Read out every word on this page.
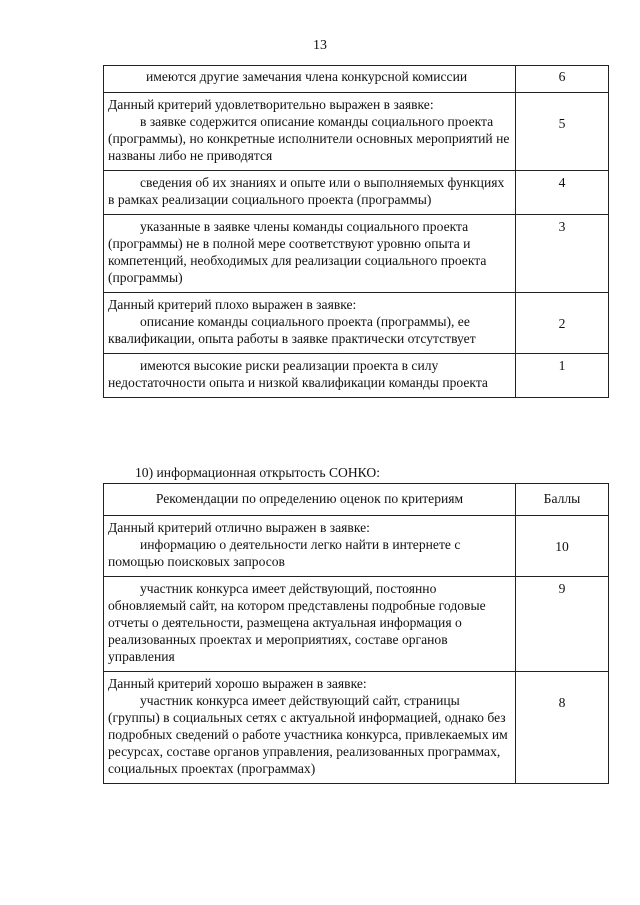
13
имеются другие замечания члена конкурсной комиссии	6

Данный критерий удовлетворительно выражен в заявке:
в заявке содержится описание команды социального проекта (программы), но конкретные исполнители основных мероприятий не названы либо не приводятся	5

сведения об их знаниях и опыте или о выполняемых функциях в рамках реализации социального проекта (программы)	4

указанные в заявке члены команды социального проекта (программы) не в полной мере соответствуют уровню опыта и компетенций, необходимых для реализации социального проекта (программы)	3

Данный критерий плохо выражен в заявке:
описание команды социального проекта (программы), ее квалификации, опыта работы в заявке практически отсутствует	2

имеются высокие риски реализации проекта в силу недостаточности опыта и низкой квалификации команды проекта	1
10) информационная открытость СОНКО:
Рекомендации по определению оценок по критериям	Баллы

Данный критерий отлично выражен в заявке:
информацию о деятельности легко найти в интернете с помощью поисковых запросов	10

участник конкурса имеет действующий, постоянно обновляемый сайт, на котором представлены подробные годовые отчеты о деятельности, размещена актуальная информация о реализованных проектах и мероприятиях, составе органов управления	9

Данный критерий хорошо выражен в заявке:
участник конкурса имеет действующий сайт, страницы (группы) в социальных сетях с актуальной информацией, однако без подробных сведений о работе участника конкурса, привлекаемых им ресурсах, составе органов управления, реализованных программах, социальных проектах (программах)	8
